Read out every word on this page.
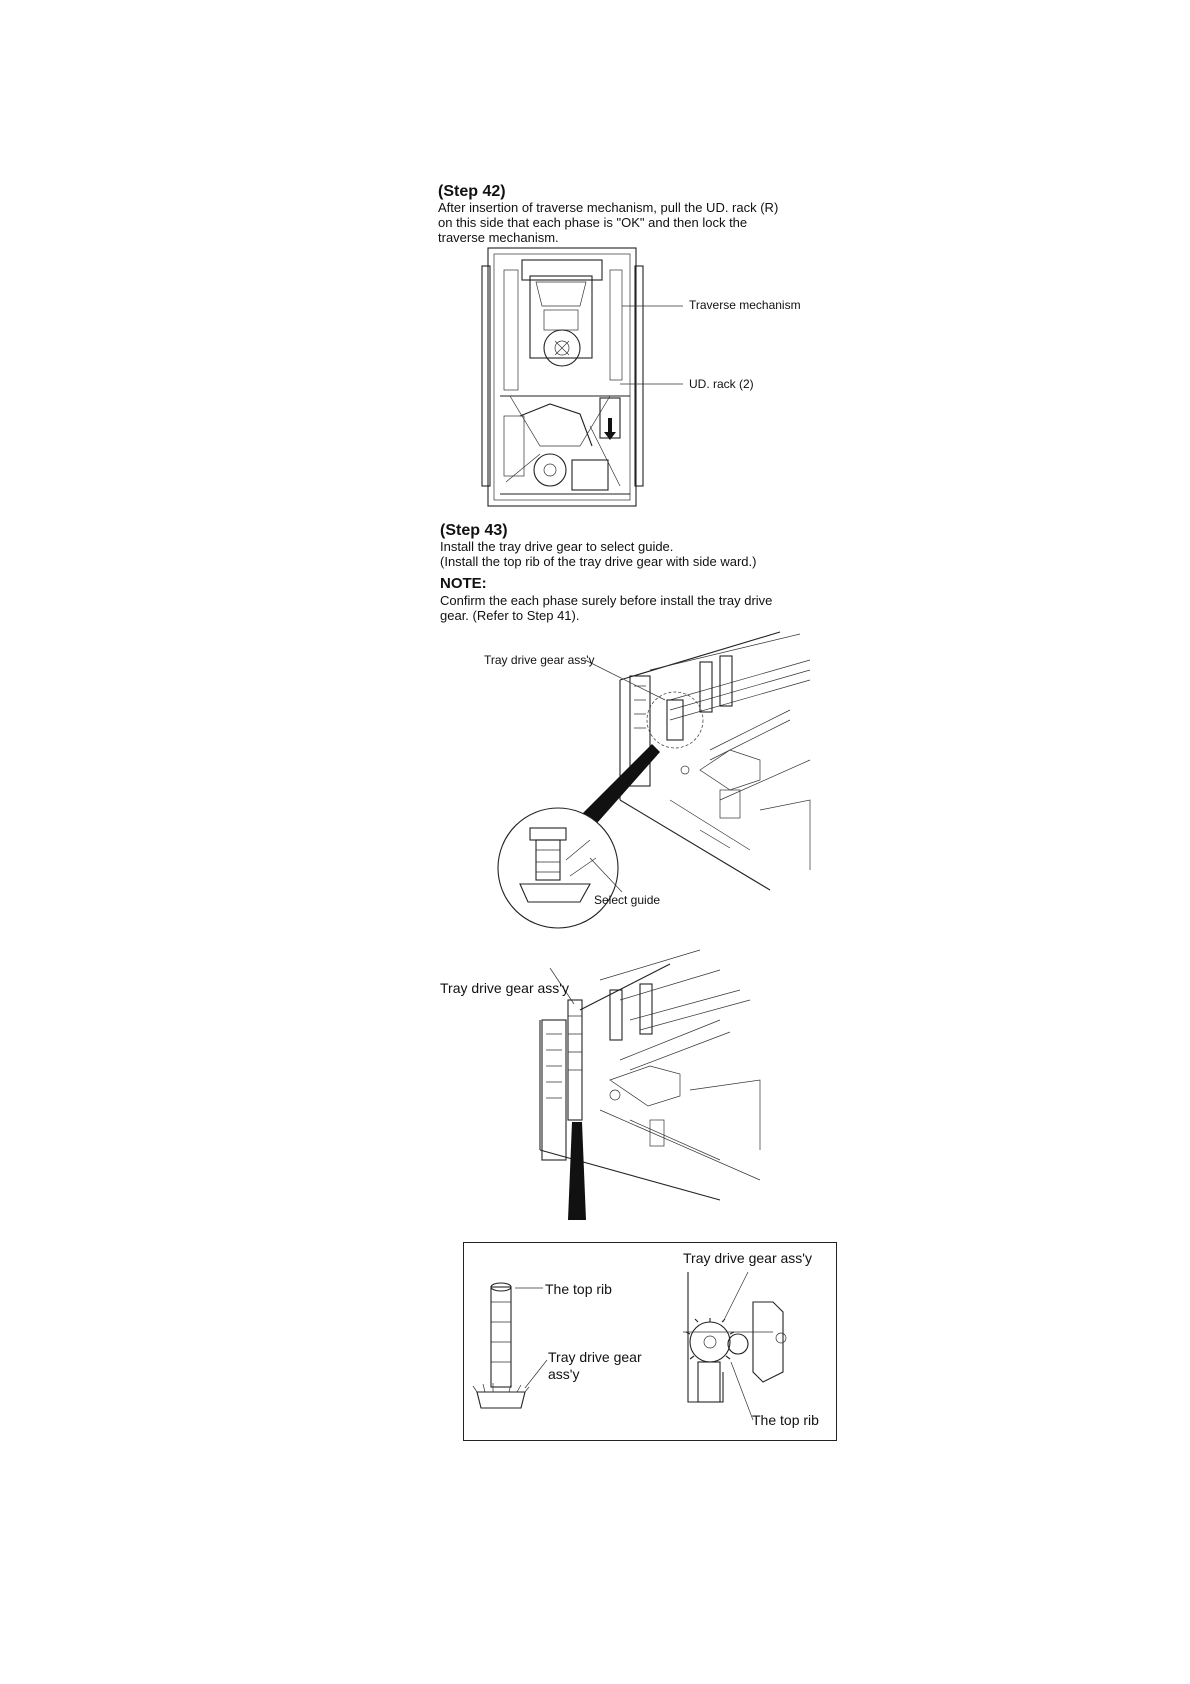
(Step 42)
After insertion of traverse mechanism, pull the UD. rack (R)
on this side that each phase is "OK" and then lock the
traverse mechanism.
Traverse mechanism
UD. rack (2)
(Step 43)
Install the tray drive gear to select guide.
(Install the top rib of the tray drive gear with side ward.)
NOTE:
Confirm the each phase surely before install the tray drive
gear. (Refer to Step 41).
Tray drive gear ass'y
Select guide
Tray drive gear ass'y
Tray drive gear ass'y
The top rib
Tray drive gear
ass'y
The top rib
